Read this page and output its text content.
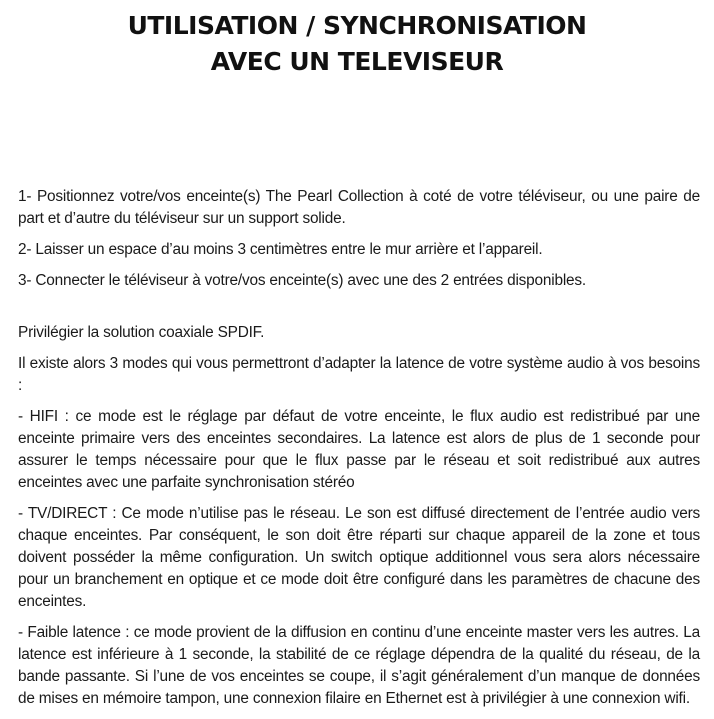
UTILISATION / SYNCHRONISATION
AVEC UN TELEVISEUR

1- Positionnez votre/vos enceinte(s) The Pearl Collection à coté de votre téléviseur, ou une paire de part et d’autre du téléviseur sur un support solide.

2- Laisser un espace d’au moins 3 centimètres entre le mur arrière et l’appareil.

3- Connecter le téléviseur à votre/vos enceinte(s) avec une des 2 entrées disponibles.

Privilégier la solution coaxiale SPDIF.

Il existe alors 3 modes qui vous permettront d’adapter la latence de votre système audio à vos besoins :

- HIFI : ce mode est le réglage par défaut de votre enceinte, le flux audio est redistribué par une enceinte primaire vers des enceintes secondaires. La latence est alors de plus de 1 seconde pour assurer le temps nécessaire pour que le flux passe par le réseau et soit redistribué aux autres enceintes avec une parfaite synchronisation stéréo

- TV/DIRECT : Ce mode n’utilise pas le réseau. Le son est diffusé directement de l’entrée audio vers chaque enceintes. Par conséquent, le son doit être réparti sur chaque appareil de la zone et tous doivent posséder la même configuration. Un switch optique additionnel vous sera alors nécessaire pour un branchement en optique et ce mode doit être configuré dans les paramètres de chacune des enceintes.

- Faible latence : ce mode provient de la diffusion en continu d’une enceinte master vers les autres. La latence est inférieure à 1 seconde, la stabilité de ce réglage dépendra de la qualité du réseau, de la bande passante. Si l’une de vos enceintes se coupe, il s’agit généralement d’un manque de données de mises en mémoire tampon, une connexion filaire en Ethernet est à privilégier à une connexion wifi.
